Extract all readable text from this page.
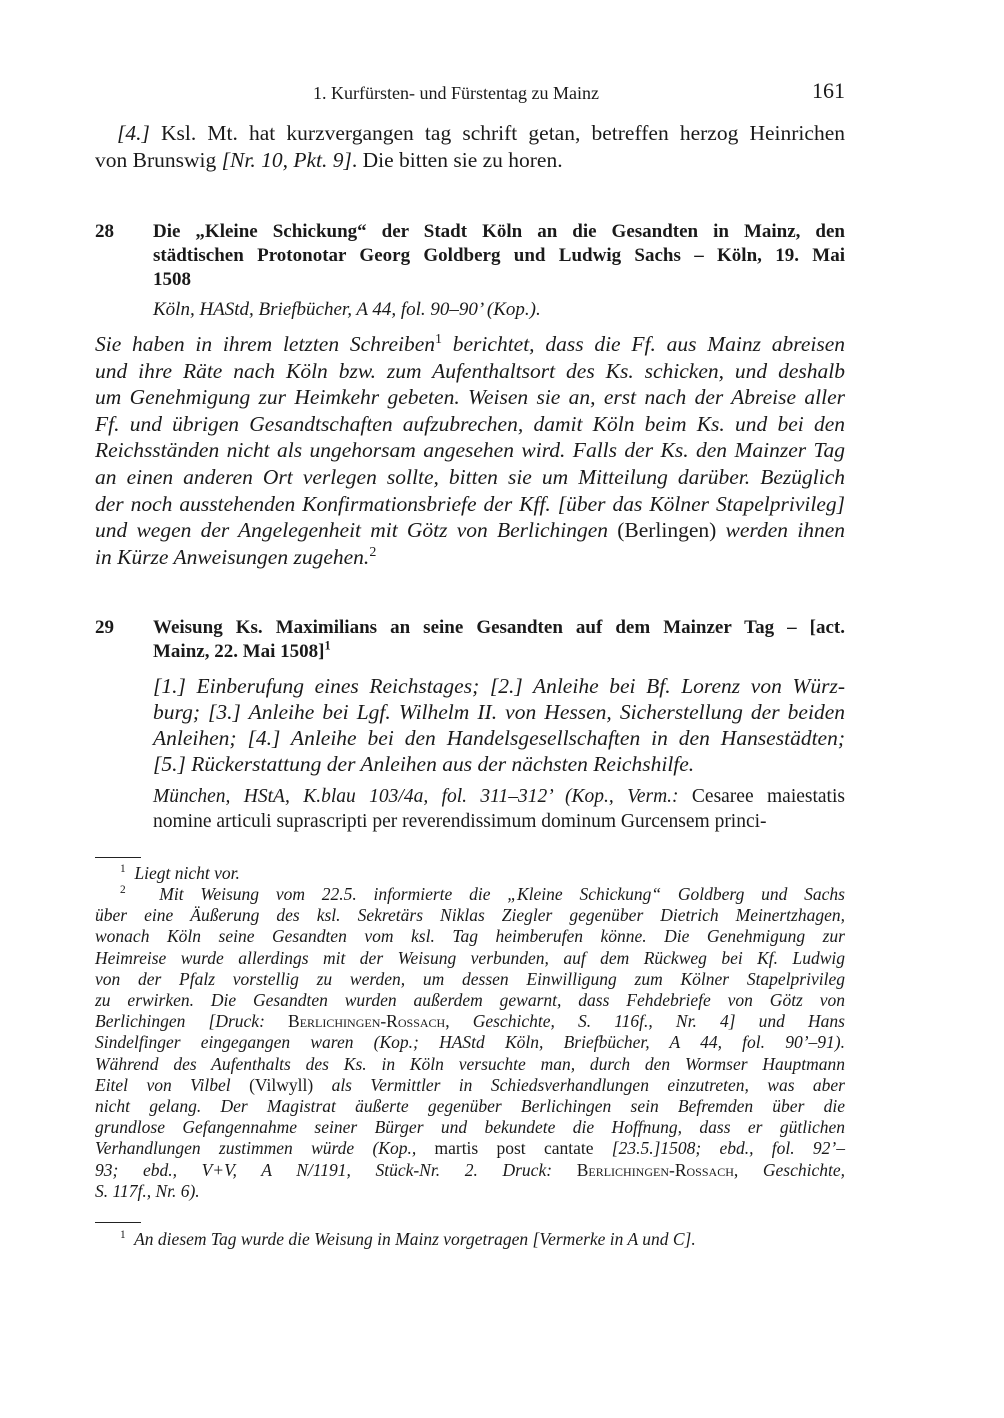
1. Kurfürsten- und Fürstentag zu Mainz	161
[4.] Ksl. Mt. hat kurzvergangen tag schrift getan, betreffen herzog Heinrichen
von Brunswig [Nr. 10, Pkt. 9]. Die bitten sie zu horen.
28 Die „Kleine Schickung“ der Stadt Köln an die Gesandten in Mainz, den
städtischen Protonotar Georg Goldberg und Ludwig Sachs – Köln, 19. Mai
1508
Köln, HAStd, Briefbücher, A 44, fol. 90–90’ (Kop.).
Sie haben in ihrem letzten Schreiben$^1$ berichtet, dass die Ff. aus Mainz abreisen
und ihre Räte nach Köln bzw. zum Aufenthaltsort des Ks. schicken, und deshalb
um Genehmigung zur Heimkehr gebeten. Weisen sie an, erst nach der Abreise aller
Ff. und übrigen Gesandtschaften aufzubrechen, damit Köln beim Ks. und bei den
Reichsständen nicht als ungehorsam angesehen wird. Falls der Ks. den Mainzer Tag
an einen anderen Ort verlegen sollte, bitten sie um Mitteilung darüber. Bezüglich
der noch ausstehenden Konfirmationsbriefe der Kff. [über das Kölner Stapelprivileg]
und wegen der Angelegenheit mit Götz von Berlichingen (Berlingen) werden ihnen
in Kürze Anweisungen zugehen.$^2$
29 Weisung Ks. Maximilians an seine Gesandten auf dem Mainzer Tag – [act.
Mainz, 22. Mai 1508]$^1$
[1.] Einberufung eines Reichstages; [2.] Anleihe bei Bf. Lorenz von Würz-
burg; [3.] Anleihe bei Lgf. Wilhelm II. von Hessen, Sicherstellung der beiden
Anleihen; [4.] Anleihe bei den Handelsgesellschaften in den Hansestädten;
[5.] Rückerstattung der Anleihen aus der nächsten Reichshilfe.
München, HStA, K.blau 103/4a, fol. 311–312’ (Kop., Verm.: Cesaree maiestatis
nomine articuli suprascripti per reverendissimum dominum Gurcensem princi-
$^1$  Liegt nicht vor.
$^2$  Mit Weisung vom 22.5. informierte die „Kleine Schickung“ Goldberg und Sachs
über eine Äußerung des ksl. Sekretärs Niklas Ziegler gegenüber Dietrich Meinertzhagen,
wonach Köln seine Gesandten vom ksl. Tag heimberufen könne. Die Genehmigung zur
Heimreise wurde allerdings mit der Weisung verbunden, auf dem Rückweg bei Kf. Ludwig
von der Pfalz vorstellig zu werden, um dessen Einwilligung zum Kölner Stapelprivileg
zu erwirken. Die Gesandten wurden außerdem gewarnt, dass Fehdebriefe von Götz von
Berlichingen [Druck: Berlichingen-Rossach, Geschichte, S. 116f., Nr. 4] und Hans
Sindelfinger eingegangen waren (Kop.; HAStd Köln, Briefbücher, A 44, fol. 90’–91).
Während des Aufenthalts des Ks. in Köln versuchte man, durch den Wormser Hauptmann
Eitel von Vilbel (Vilwyll) als Vermittler in Schiedsverhandlungen einzutreten, was aber
nicht gelang. Der Magistrat äußerte gegenüber Berlichingen sein Befremden über die
grundlose Gefangennahme seiner Bürger und bekundete die Hoffnung, dass er gütlichen
Verhandlungen zustimmen würde (Kop., martis post cantate [23.5.]1508; ebd., fol. 92’–
93; ebd., V+V, A N/1191, Stück-Nr. 2. Druck: Berlichingen-Rossach, Geschichte,
S. 117f., Nr. 6).
$^1$  An diesem Tag wurde die Weisung in Mainz vorgetragen [Vermerke in A und C].
